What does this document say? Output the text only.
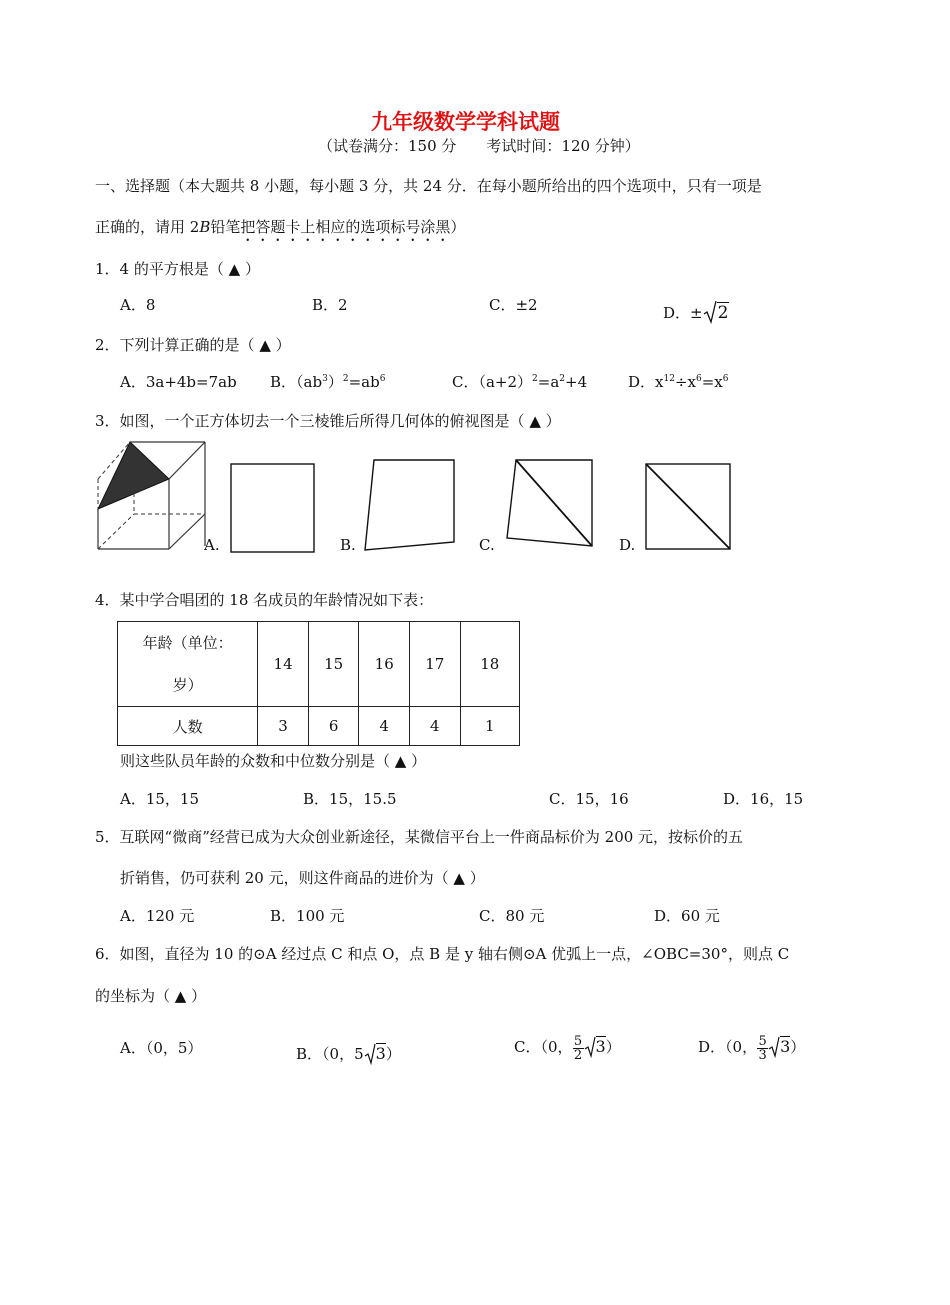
九年级数学学科试题
（试卷满分：150 分　　考试时间：120 分钟）
一、选择题（本大题共 8 小题，每小题 3 分，共 24 分．在每小题所给出的四个选项中，只有一项是
正确的，请用 2B铅笔把答题卡上相应的选项标号涂黑）
1．4 的平方根是（ ▲ ）
A．8	B．2	C．±2	D．± 2
2．下列计算正确的是（ ▲ ）
A．3a+4b=7ab B．$(ab^3)^2=ab^6$	C．$(a+2)^2=a^2+4$	D．$x^{12}\div x^6=x^6$
3．如图，一个正方体切去一个三棱锥后所得几何体的俯视图是（ ▲ ）
A.	B.	C.	D.
4．某中学合唱团的 18 名成员的年龄情况如下表：
年龄（单位：
岁）	14	15	16	17	18
人数	3	6	4	4	1
则这些队员年龄的众数和中位数分别是（ ▲ ）
A．15，15	B．15，15.5	C．15，16	D．16，15
5．互联网“微商”经营已成为大众创业新途径，某微信平台上一件商品标价为 200 元，按标价的五
折销售，仍可获利 20 元，则这件商品的进价为（ ▲ ）
A．120 元	B．100 元	C．80 元	D．60 元
6．如图，直径为 10 的⊙A 经过点 C 和点 O，点 B 是 y 轴右侧⊙A 优弧上一点，∠OBC=30°，则点 C
的坐标为（ ▲ ）
A．（0，5）	B．（0，5 3）	C．（0， $\frac{5}{2} 3$）	D．（0， $\frac{5}{3} 3$）
